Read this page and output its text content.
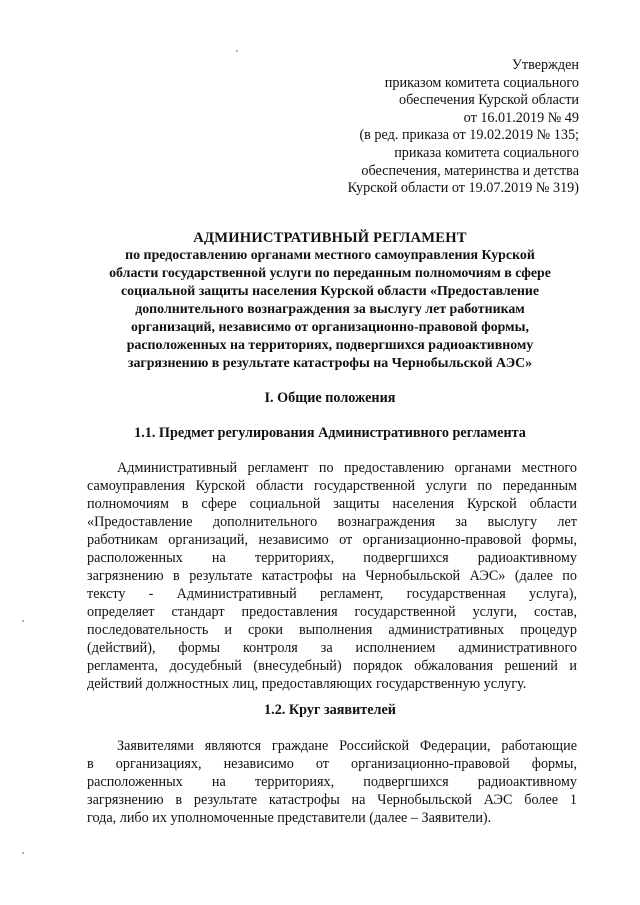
Утвержден
приказом комитета социального
обеспечения Курской области
от 16.01.2019 № 49
(в ред. приказа от 19.02.2019 № 135;
приказа комитета социального
обеспечения, материнства и детства
Курской области от 19.07.2019 № 319)
АДМИНИСТРАТИВНЫЙ РЕГЛАМЕНТ
по предоставлению органами местного самоуправления Курской
области государственной услуги по переданным полномочиям в сфере
социальной защиты населения Курской области «Предоставление
дополнительного вознаграждения за выслугу лет работникам
организаций, независимо от организационно-правовой формы,
расположенных на территориях, подвергшихся радиоактивному
загрязнению в результате катастрофы на Чернобыльской АЭС»
I. Общие положения
1.1. Предмет регулирования Административного регламента
Административный регламент по предоставлению органами местного
самоуправления Курской области государственной услуги по переданным
полномочиям в сфере социальной защиты населения Курской области
«Предоставление дополнительного вознаграждения за выслугу лет
работникам организаций, независимо от организационно-правовой формы,
расположенных на территориях, подвергшихся радиоактивному
загрязнению в результате катастрофы на Чернобыльской АЭС» (далее по
тексту - Административный регламент, государственная услуга),
определяет стандарт предоставления государственной услуги, состав,
последовательность и сроки выполнения административных процедур
(действий), формы контроля за исполнением административного
регламента, досудебный (внесудебный) порядок обжалования решений и
действий должностных лиц, предоставляющих государственную услугу.
1.2. Круг заявителей
Заявителями являются граждане Российской Федерации, работающие
в организациях, независимо от организационно-правовой формы,
расположенных на территориях, подвергшихся радиоактивному
загрязнению в результате катастрофы на Чернобыльской АЭС более 1
года, либо их уполномоченные представители (далее – Заявители).
